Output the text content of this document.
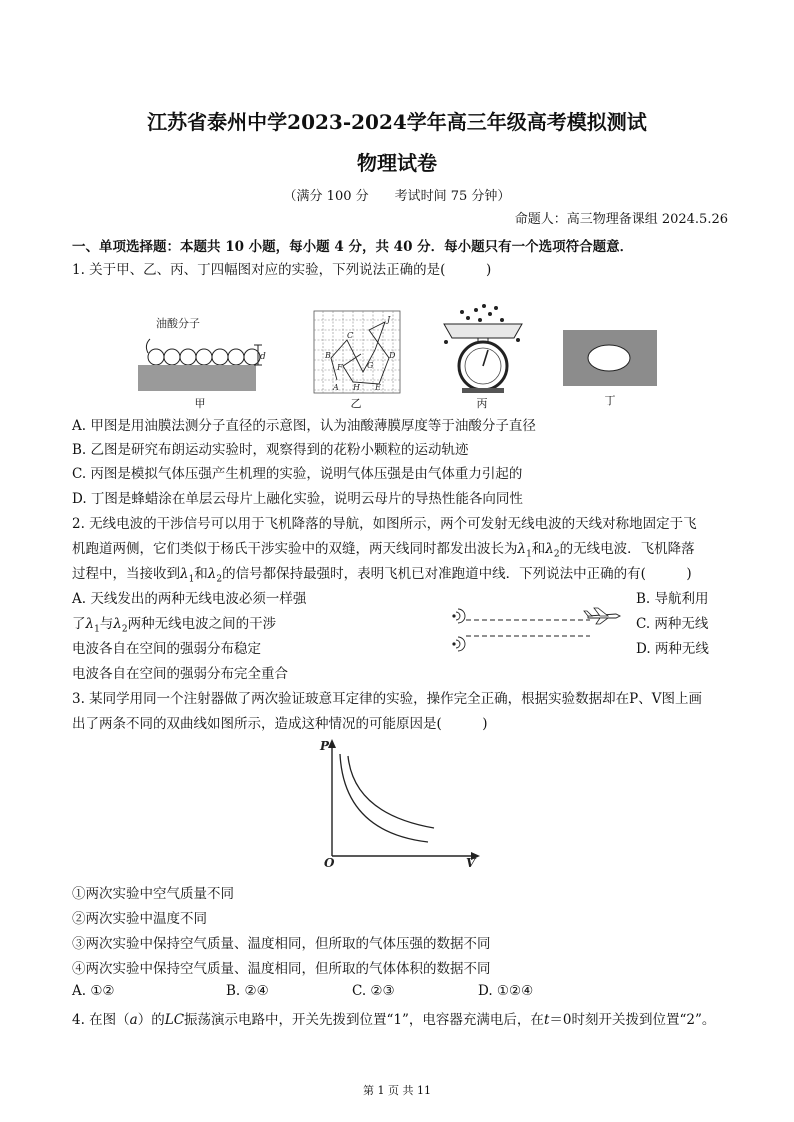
江苏省泰州中学2023-2024学年高三年级高考模拟测试
物理试卷
（满分 100 分　　考试时间 75 分钟）
命题人：高三物理备课组 2024.5.26
一、单项选择题：本题共 10 小题，每小题 4 分，共 40 分．每小题只有一个选项符合题意．
1. 关于甲、乙、丙、丁四幅图对应的实验，下列说法正确的是(　　　)
油酸分子
d
甲
A
B
C
D
E
F	G
H
J
乙	丙	丁
A. 甲图是用油膜法测分子直径的示意图，认为油酸薄膜厚度等于油酸分子直径
B. 乙图是研究布朗运动实验时，观察得到的花粉小颗粒的运动轨迹
C. 丙图是模拟气体压强产生机理的实验，说明气体压强是由气体重力引起的
D. 丁图是蜂蜡涂在单层云母片上融化实验，说明云母片的导热性能各向同性
2. 无线电波的干涉信号可以用于飞机降落的导航，如图所示，两个可发射无线电波的天线对称地固定于飞
机跑道两侧，它们类似于杨氏干涉实验中的双缝，两天线同时都发出波长为$\lambda_1$和$\lambda_2$的无线电波．飞机降落
过程中，当接收到$\lambda_1$和$\lambda_2$的信号都保持最强时，表明飞机已对准跑道中线．下列说法中正确的有(　　　)
A. 天线发出的两种无线电波必须一样强	B. 导航利用
了$\lambda_1$与$\lambda_2$两种无线电波之间的干涉	C. 两种无线
电波各自在空间的强弱分布稳定	D. 两种无线
电波各自在空间的强弱分布完全重合
3. 某同学用同一个注射器做了两次验证玻意耳定律的实验，操作完全正确，根据实验数据却在P、V图上画
出了两条不同的双曲线如图所示，造成这种情况的可能原因是(　　　)
P
V
O
①两次实验中空气质量不同
②两次实验中温度不同
③两次实验中保持空气质量、温度相同，但所取的气体压强的数据不同
④两次实验中保持空气质量、温度相同，但所取的气体体积的数据不同
A. ①②	B. ②④	C. ②③	D. ①②④
4. 在图（a）的LC振荡演示电路中，开关先拨到位置“1”，电容器充满电后，在t＝0时刻开关拨到位置“2”。
第 1 页 共 11
